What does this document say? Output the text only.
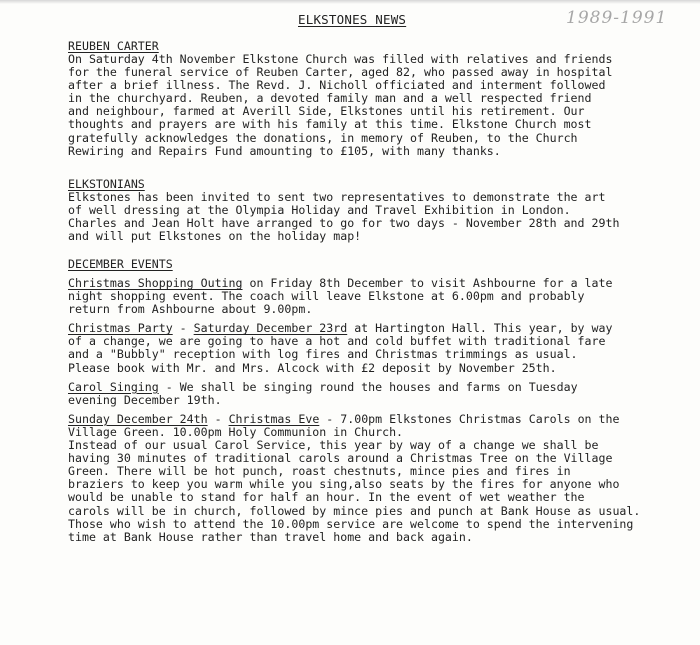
ELKSTONES NEWS	1989-1991
REUBEN CARTER
On Saturday 4th November Elkstone Church was filled with relatives and friends
for the funeral service of Reuben Carter, aged 82, who passed away in hospital
after a brief illness. The Revd. J. Nicholl officiated and interment followed
in the churchyard. Reuben, a devoted family man and a well respected friend
and neighbour, farmed at Averill Side, Elkstones until his retirement. Our
thoughts and prayers are with his family at this time. Elkstone Church most
gratefully acknowledges the donations, in memory of Reuben, to the Church
Rewiring and Repairs Fund amounting to £105, with many thanks.
ELKSTONIANS
Elkstones has been invited to sent two representatives to demonstrate the art
of well dressing at the Olympia Holiday and Travel Exhibition in London.
Charles and Jean Holt have arranged to go for two days - November 28th and 29th
and will put Elkstones on the holiday map!
DECEMBER EVENTS
Christmas Shopping Outing on Friday 8th December to visit Ashbourne for a late
night shopping event. The coach will leave Elkstone at 6.00pm and probably
return from Ashbourne about 9.00pm.
Christmas Party - Saturday December 23rd at Hartington Hall. This year, by way
of a change, we are going to have a hot and cold buffet with traditional fare
and a "Bubbly" reception with log fires and Christmas trimmings as usual.
Please book with Mr. and Mrs. Alcock with £2 deposit by November 25th.
Carol Singing - We shall be singing round the houses and farms on Tuesday
evening December 19th.
Sunday December 24th - Christmas Eve - 7.00pm Elkstones Christmas Carols on the
Village Green. 10.00pm Holy Communion in Church.
Instead of our usual Carol Service, this year by way of a change we shall be
having 30 minutes of traditional carols around a Christmas Tree on the Village
Green. There will be hot punch, roast chestnuts, mince pies and fires in
braziers to keep you warm while you sing,also seats by the fires for anyone who
would be unable to stand for half an hour. In the event of wet weather the
carols will be in church, followed by mince pies and punch at Bank House as usual.
Those who wish to attend the 10.00pm service are welcome to spend the intervening
time at Bank House rather than travel home and back again.
